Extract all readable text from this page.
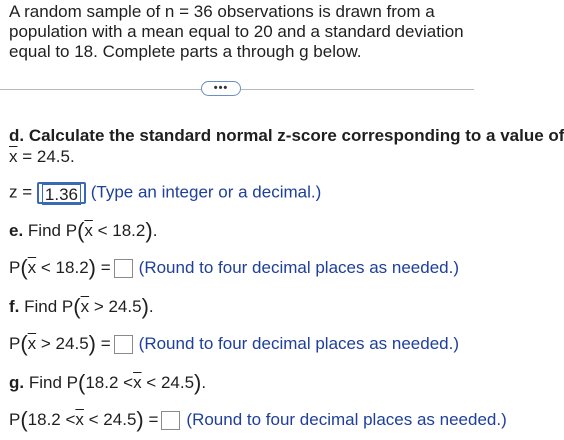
A random sample of n = 36 observations is drawn from a population with a mean equal to 20 and a standard deviation equal to 18. Complete parts a through g below.

•••
d. Calculate the standard normal z-score corresponding to a value of
$\overline{x} = 24.5$.
z = 1.36 (Type an integer or a decimal.)
e. Find $P(\overline{x} < 18.2)$.
$P(\overline{x} < 18.2)$ = (Round to four decimal places as needed.)
f. Find $P(\overline{x} > 24.5)$.
$P(\overline{x} > 24.5)$ = (Round to four decimal places as needed.)
g. Find $P(18.2 <\overline{x} < 24.5)$.
$P(18.2 <\overline{x} < 24.5)$ = (Round to four decimal places as needed.)
